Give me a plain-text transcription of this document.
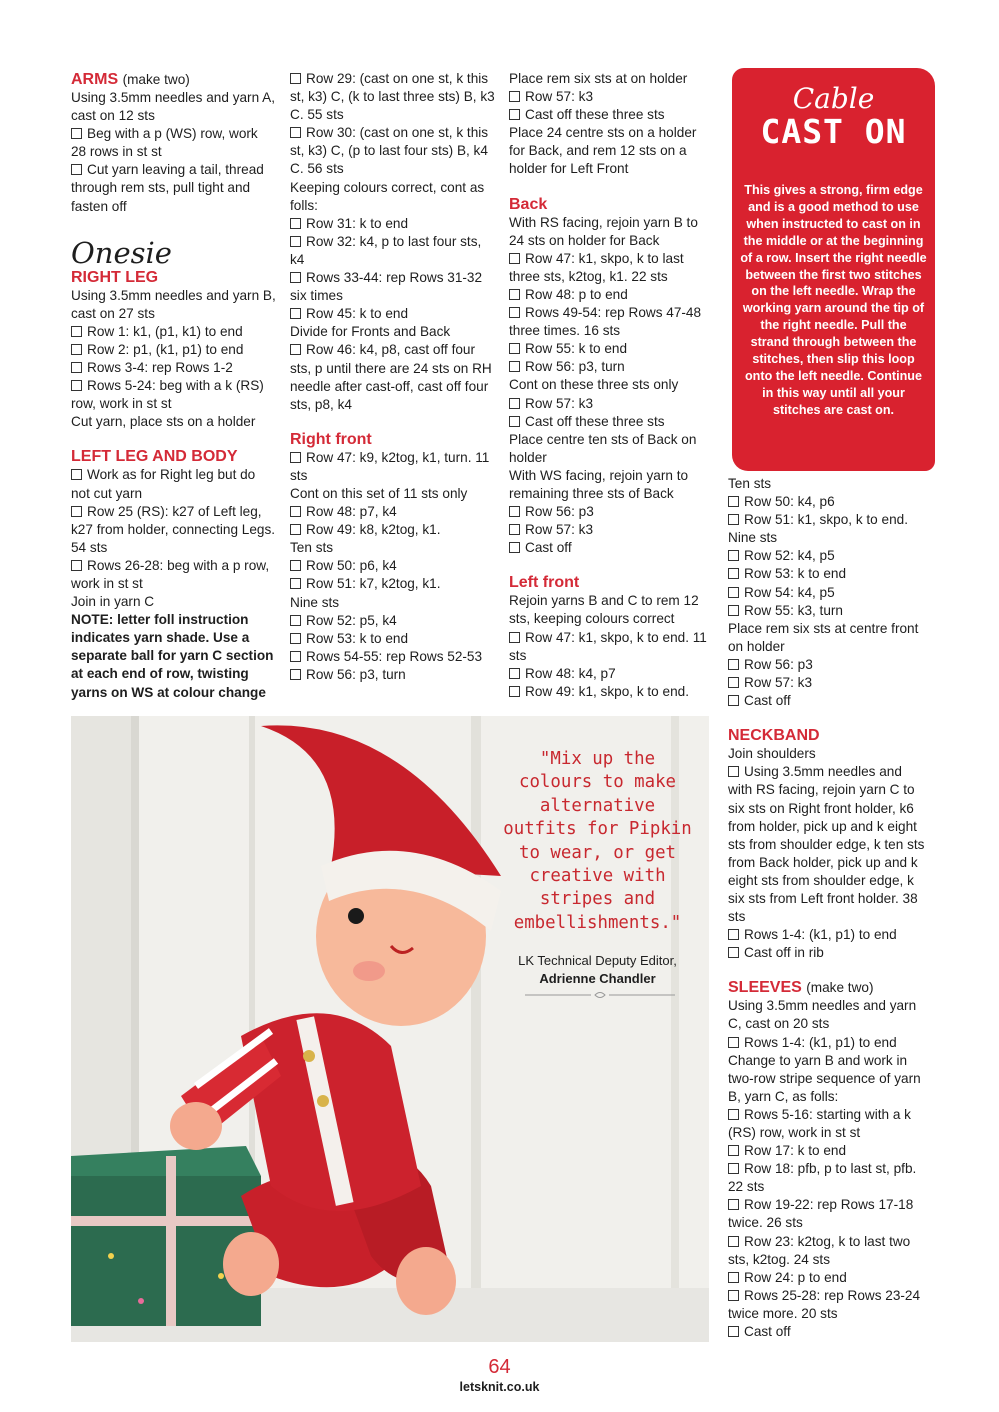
ARMS (make two)

Using 3.5mm needles and yarn A, cast on 12 sts

Beg with a p (WS) row, work 28 rows in st st

Cut yarn leaving a tail, thread through rem sts, pull tight and fasten off

Onesie
RIGHT LEG

Using 3.5mm needles and yarn B, cast on 27 sts

Row 1: k1, (p1, k1) to end

Row 2: p1, (k1, p1) to end

Rows 3-4: rep Rows 1-2

Rows 5-24: beg with a k (RS) row, work in st st

Cut yarn, place sts on a holder

LEFT LEG AND BODY

Work as for Right leg but do not cut yarn

Row 25 (RS): k27 of Left leg, k27 from holder, connecting Legs. 54 sts

Rows 26-28: beg with a p row, work in st st

Join in yarn C

NOTE: letter foll instruction indicates yarn shade. Use a separate ball for yarn C section at each end of row, twisting yarns on WS at colour change

Row 29: (cast on one st, k this st, k3) C, (k to last three sts) B, k3 C. 55 sts

Row 30: (cast on one st, k this st, k3) C, (p to last four sts) B, k4 C. 56 sts

Keeping colours correct, cont as folls:

Row 31: k to end

Row 32: k4, p to last four sts, k4

Rows 33-44: rep Rows 31-32 six times

Row 45: k to end

Divide for Fronts and Back

Row 46: k4, p8, cast off four sts, p until there are 24 sts on RH needle after cast-off, cast off four sts, p8, k4

Right front

Row 47: k9, k2tog, k1, turn. 11 sts

Cont on this set of 11 sts only

Row 48: p7, k4

Row 49: k8, k2tog, k1.

Ten sts

Row 50: p6, k4

Row 51: k7, k2tog, k1.

Nine sts

Row 52: p5, k4

Row 53: k to end

Rows 54-55: rep Rows 52-53

Row 56: p3, turn

Place rem six sts at on holder

Row 57: k3

Cast off these three sts

Place 24 centre sts on a holder for Back, and rem 12 sts on a holder for Left Front

Back

With RS facing, rejoin yarn B to 24 sts on holder for Back

Row 47: k1, skpo, k to last three sts, k2tog, k1. 22 sts

Row 48: p to end

Rows 49-54: rep Rows 47-48 three times. 16 sts

Row 55: k to end

Row 56: p3, turn

Cont on these three sts only

Row 57: k3

Cast off these three sts

Place centre ten sts of Back on holder

With WS facing, rejoin yarn to remaining three sts of Back

Row 56: p3

Row 57: k3

Cast off

Left front

Rejoin yarns B and C to rem 12 sts, keeping colours correct

Row 47: k1, skpo, k to end. 11 sts

Row 48: k4, p7

Row 49: k1, skpo, k to end.

Cable
CAST ON
This gives a strong, firm edge and is a good method to use when instructed to cast on in the middle or at the beginning of a row. Insert the right needle between the first two stitches on the left needle. Wrap the working yarn around the tip of the right needle. Pull the strand through between the stitches, then slip this loop onto the left needle. Continue in this way until all your stitches are cast on.

Ten sts

Row 50: k4, p6

Row 51: k1, skpo, k to end.

Nine sts

Row 52: k4, p5

Row 53: k to end

Row 54: k4, p5

Row 55: k3, turn

Place rem six sts at centre front on holder

Row 56: p3

Row 57: k3

Cast off

NECKBAND

Join shoulders

Using 3.5mm needles and with RS facing, rejoin yarn C to six sts on Right front holder, k6 from holder, pick up and k eight sts from shoulder edge, k ten sts from Back holder, pick up and k eight sts from shoulder edge, k six sts from Left front holder. 38 sts

Rows 1-4: (k1, p1) to end

Cast off in rib

SLEEVES (make two)

Using 3.5mm needles and yarn C, cast on 20 sts

Rows 1-4: (k1, p1) to end

Change to yarn B and work in two-row stripe sequence of yarn B, yarn C, as folls:

Rows 5-16: starting with a k (RS) row, work in st st

Row 17: k to end

Row 18: pfb, p to last st, pfb. 22 sts

Row 19-22: rep Rows 17-18 twice. 26 sts

Row 23: k2tog, k to last two sts, k2tog. 24 sts

Row 24: p to end

Rows 25-28: rep Rows 23-24 twice more. 20 sts

Cast off

"Mix up the colours to make alternative outfits for Pipkin to wear, or get creative with stripes and embellishments."
LK Technical Deputy Editor,
Adrienne Chandler
64
letsknit.co.uk
